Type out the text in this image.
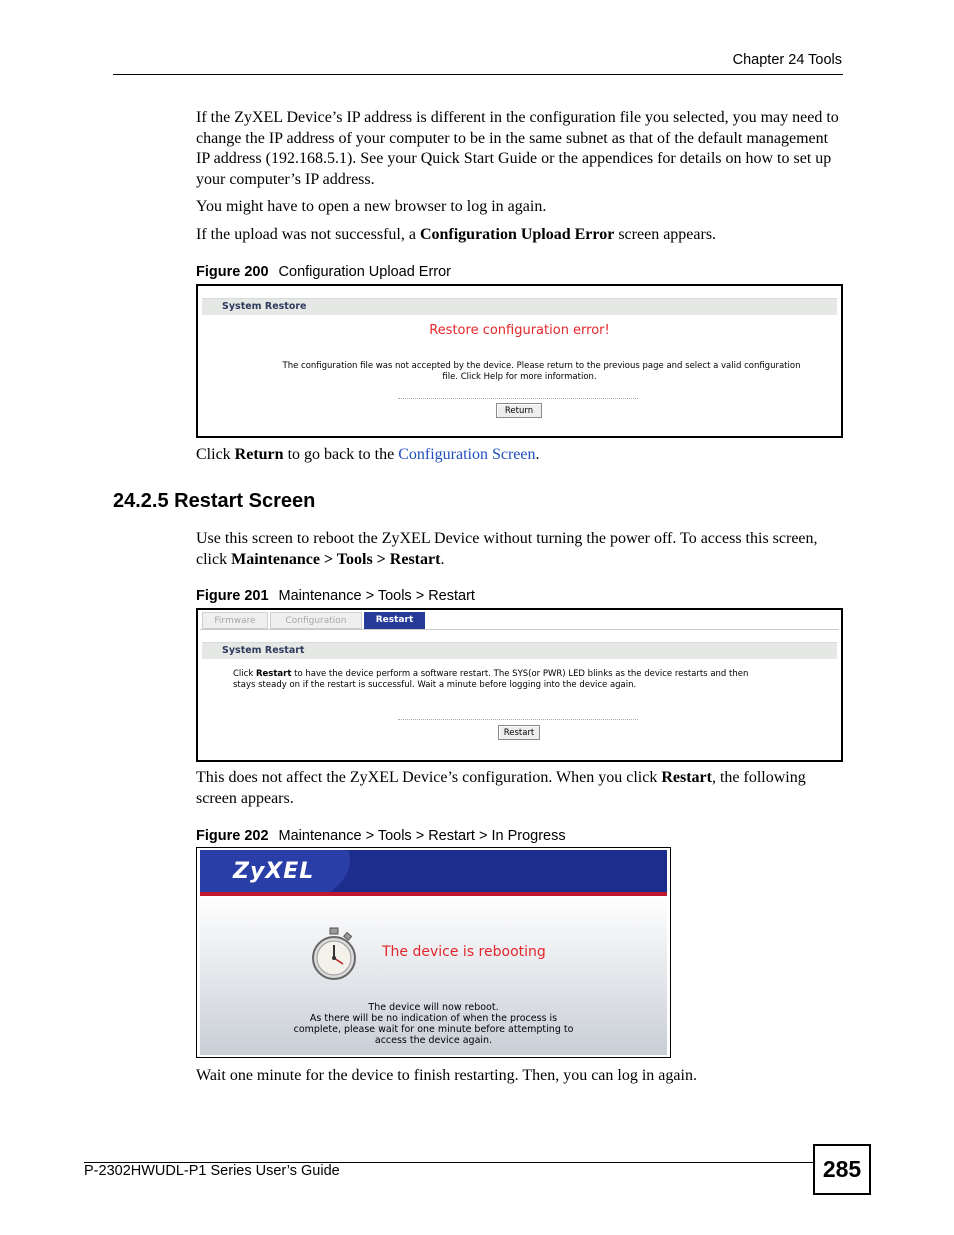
Chapter 24 Tools
If the ZyXEL Device’s IP address is different in the configuration file you selected, you may need to change the IP address of your computer to be in the same subnet as that of the default management IP address (192.168.5.1). See your Quick Start Guide or the appendices for details on how to set up your computer’s IP address.
You might have to open a new browser to log in again.
If the upload was not successful, a Configuration Upload Error screen appears.
Figure 200 Configuration Upload Error
System Restore
Restore configuration error!
The configuration file was not accepted by the device. Please return to the previous page and select a valid configuration
file. Click Help for more information.
Return
Click Return to go back to the Configuration Screen.
24.2.5 Restart Screen
Use this screen to reboot the ZyXEL Device without turning the power off. To access this screen, click Maintenance > Tools > Restart.
Figure 201 Maintenance > Tools > Restart
Firmware	Configuration	Restart
System Restart
Click Restart to have the device perform a software restart. The SYS(or PWR) LED blinks as the device restarts and then
stays steady on if the restart is successful. Wait a minute before logging into the device again.
Restart
This does not affect the ZyXEL Device’s configuration. When you click Restart, the following screen appears.
Figure 202 Maintenance > Tools > Restart > In Progress
ZyXEL
The device is rebooting
The device will now reboot.
As there will be no indication of when the process is
complete, please wait for one minute before attempting to
access the device again.
Wait one minute for the device to finish restarting. Then, you can log in again.
P-2302HWUDL-P1 Series User’s Guide	285
